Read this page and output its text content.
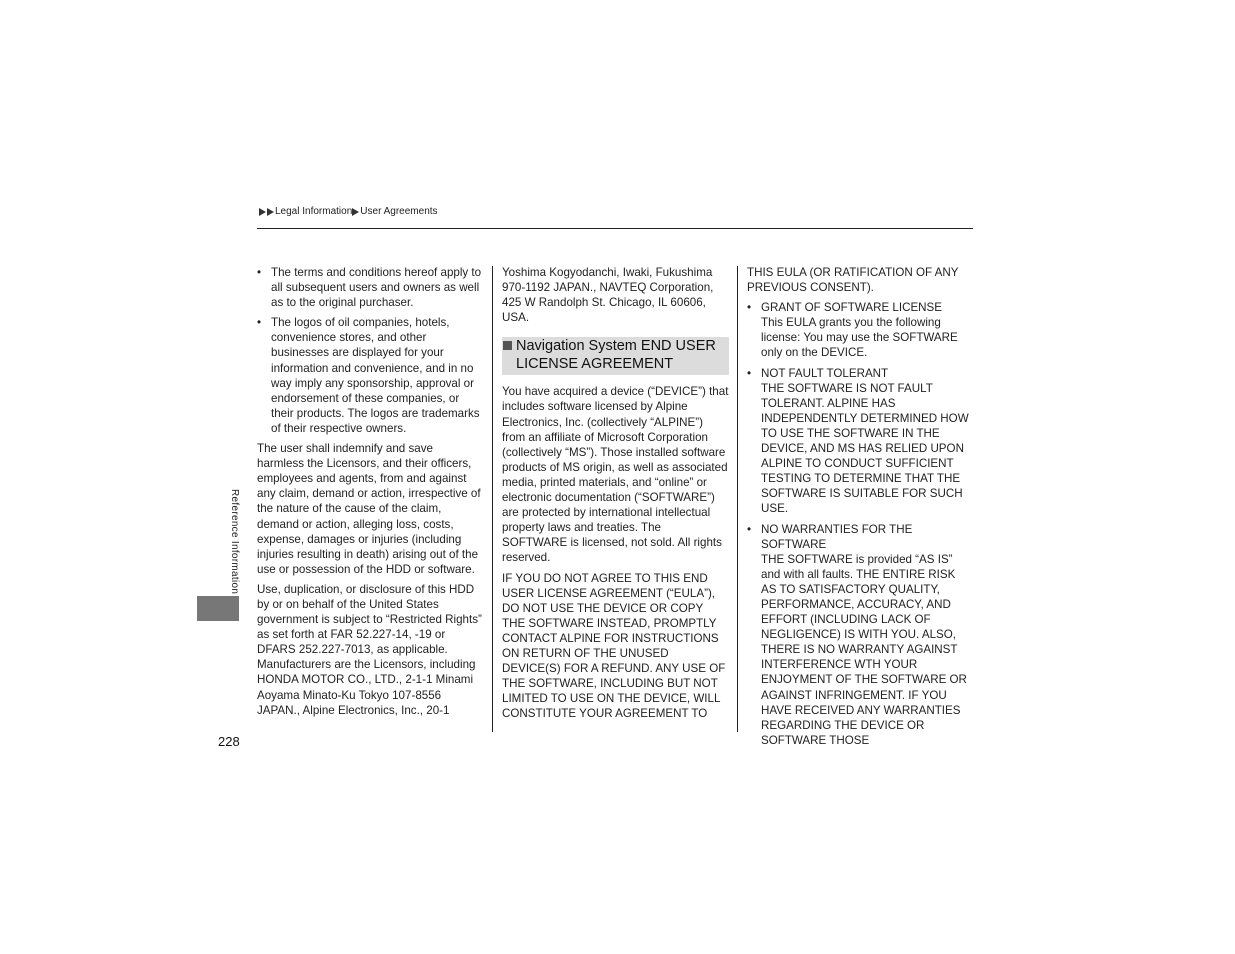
Legal Information User Agreements
Reference Information
• The terms and conditions hereof apply to all subsequent users and owners as well as to the original purchaser.
• The logos of oil companies, hotels, convenience stores, and other businesses are displayed for your information and convenience, and in no way imply any sponsorship, approval or endorsement of these companies, or their products. The logos are trademarks of their respective owners.

The user shall indemnify and save harmless the Licensors, and their officers, employees and agents, from and against any claim, demand or action, irrespective of the nature of the cause of the claim, demand or action, alleging loss, costs, expense, damages or injuries (including injuries resulting in death) arising out of the use or possession of the HDD or software.

Use, duplication, or disclosure of this HDD by or on behalf of the United States government is subject to “Restricted Rights” as set forth at FAR 52.227-14, -19 or DFARS 252.227-7013, as applicable. Manufacturers are the Licensors, including HONDA MOTOR CO., LTD., 2-1-1 Minami Aoyama Minato-Ku Tokyo 107-8556 JAPAN., Alpine Electronics, Inc., 20-1

Yoshima Kogyodanchi, Iwaki, Fukushima 970-1192 JAPAN., NAVTEQ Corporation, 425 W Randolph St. Chicago, IL 60606, USA.

Navigation System END USER LICENSE AGREEMENT

You have acquired a device (“DEVICE”) that includes software licensed by Alpine Electronics, Inc. (collectively “ALPINE”) from an affiliate of Microsoft Corporation (collectively “MS”). Those installed software products of MS origin, as well as associated media, printed materials, and “online” or electronic documentation (“SOFTWARE”) are protected by international intellectual property laws and treaties. The SOFTWARE is licensed, not sold. All rights reserved.

IF YOU DO NOT AGREE TO THIS END USER LICENSE AGREEMENT (“EULA”), DO NOT USE THE DEVICE OR COPY THE SOFTWARE INSTEAD, PROMPTLY CONTACT ALPINE FOR INSTRUCTIONS ON RETURN OF THE UNUSED DEVICE(S) FOR A REFUND. ANY USE OF THE SOFTWARE, INCLUDING BUT NOT LIMITED TO USE ON THE DEVICE, WILL CONSTITUTE YOUR AGREEMENT TO

THIS EULA (OR RATIFICATION OF ANY PREVIOUS CONSENT).

• GRANT OF SOFTWARE LICENSE
This EULA grants you the following license: You may use the SOFTWARE only on the DEVICE.
• NOT FAULT TOLERANT
THE SOFTWARE IS NOT FAULT TOLERANT. ALPINE HAS INDEPENDENTLY DETERMINED HOW TO USE THE SOFTWARE IN THE DEVICE, AND MS HAS RELIED UPON ALPINE TO CONDUCT SUFFICIENT TESTING TO DETERMINE THAT THE SOFTWARE IS SUITABLE FOR SUCH USE.
• NO WARRANTIES FOR THE SOFTWARE
THE SOFTWARE is provided “AS IS” and with all faults. THE ENTIRE RISK AS TO SATISFACTORY QUALITY, PERFORMANCE, ACCURACY, AND EFFORT (INCLUDING LACK OF NEGLIGENCE) IS WITH YOU. ALSO, THERE IS NO WARRANTY AGAINST INTERFERENCE WTH YOUR ENJOYMENT OF THE SOFTWARE OR AGAINST INFRINGEMENT. IF YOU HAVE RECEIVED ANY WARRANTIES REGARDING THE DEVICE OR SOFTWARE THOSE
228
